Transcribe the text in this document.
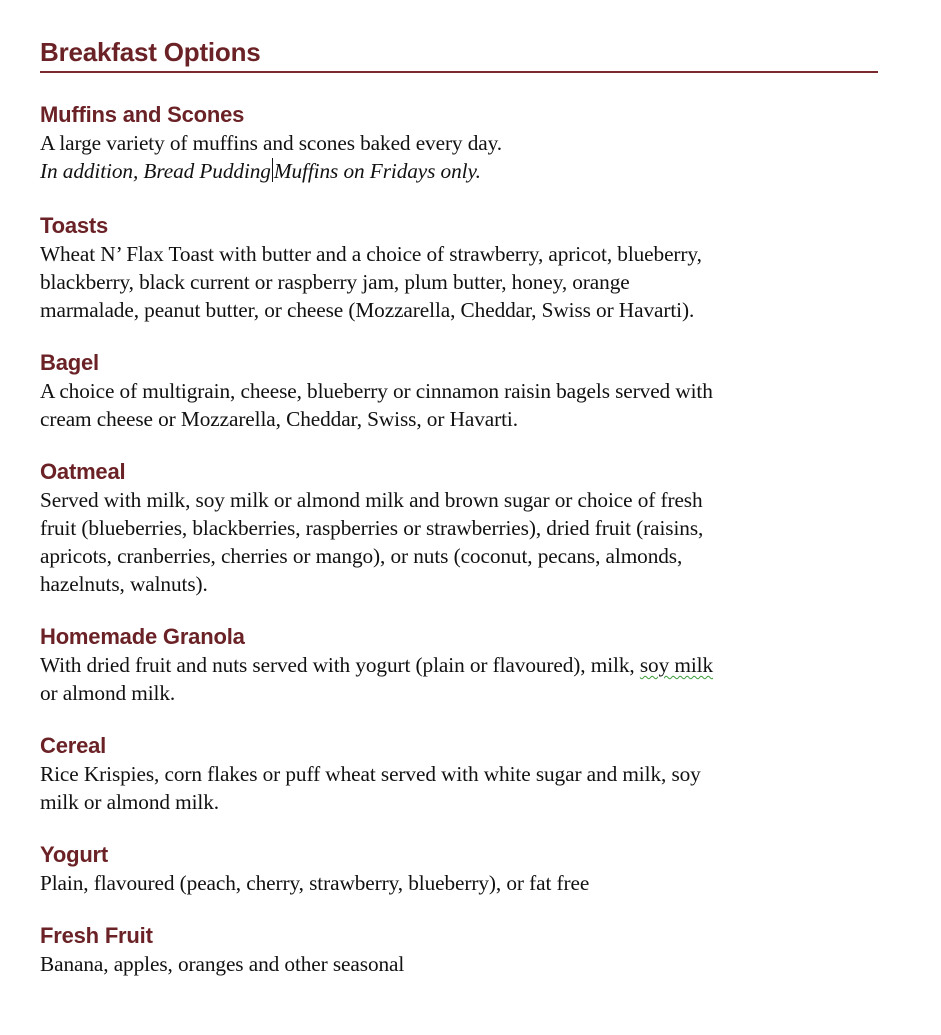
Breakfast Options
Muffins and Scones
A large variety of muffins and scones baked every day.
In addition, Bread Pudding Muffins on Fridays only.
Toasts
Wheat N’ Flax Toast with butter and a choice of strawberry, apricot, blueberry,
blackberry, black current or raspberry jam, plum butter, honey, orange
marmalade, peanut butter, or cheese (Mozzarella, Cheddar, Swiss or Havarti).
Bagel
A choice of multigrain, cheese, blueberry or cinnamon raisin bagels served with
cream cheese or Mozzarella, Cheddar, Swiss, or Havarti.
Oatmeal
Served with milk, soy milk or almond milk and brown sugar or choice of fresh
fruit (blueberries, blackberries, raspberries or strawberries), dried fruit (raisins,
apricots, cranberries, cherries or mango), or nuts (coconut, pecans, almonds,
hazelnuts, walnuts).
Homemade Granola
With dried fruit and nuts served with yogurt (plain or flavoured), milk, soy milk
or almond milk.
Cereal
Rice Krispies, corn flakes or puff wheat served with white sugar and milk, soy
milk or almond milk.
Yogurt
Plain, flavoured (peach, cherry, strawberry, blueberry), or fat free
Fresh Fruit
Banana, apples, oranges and other seasonal
